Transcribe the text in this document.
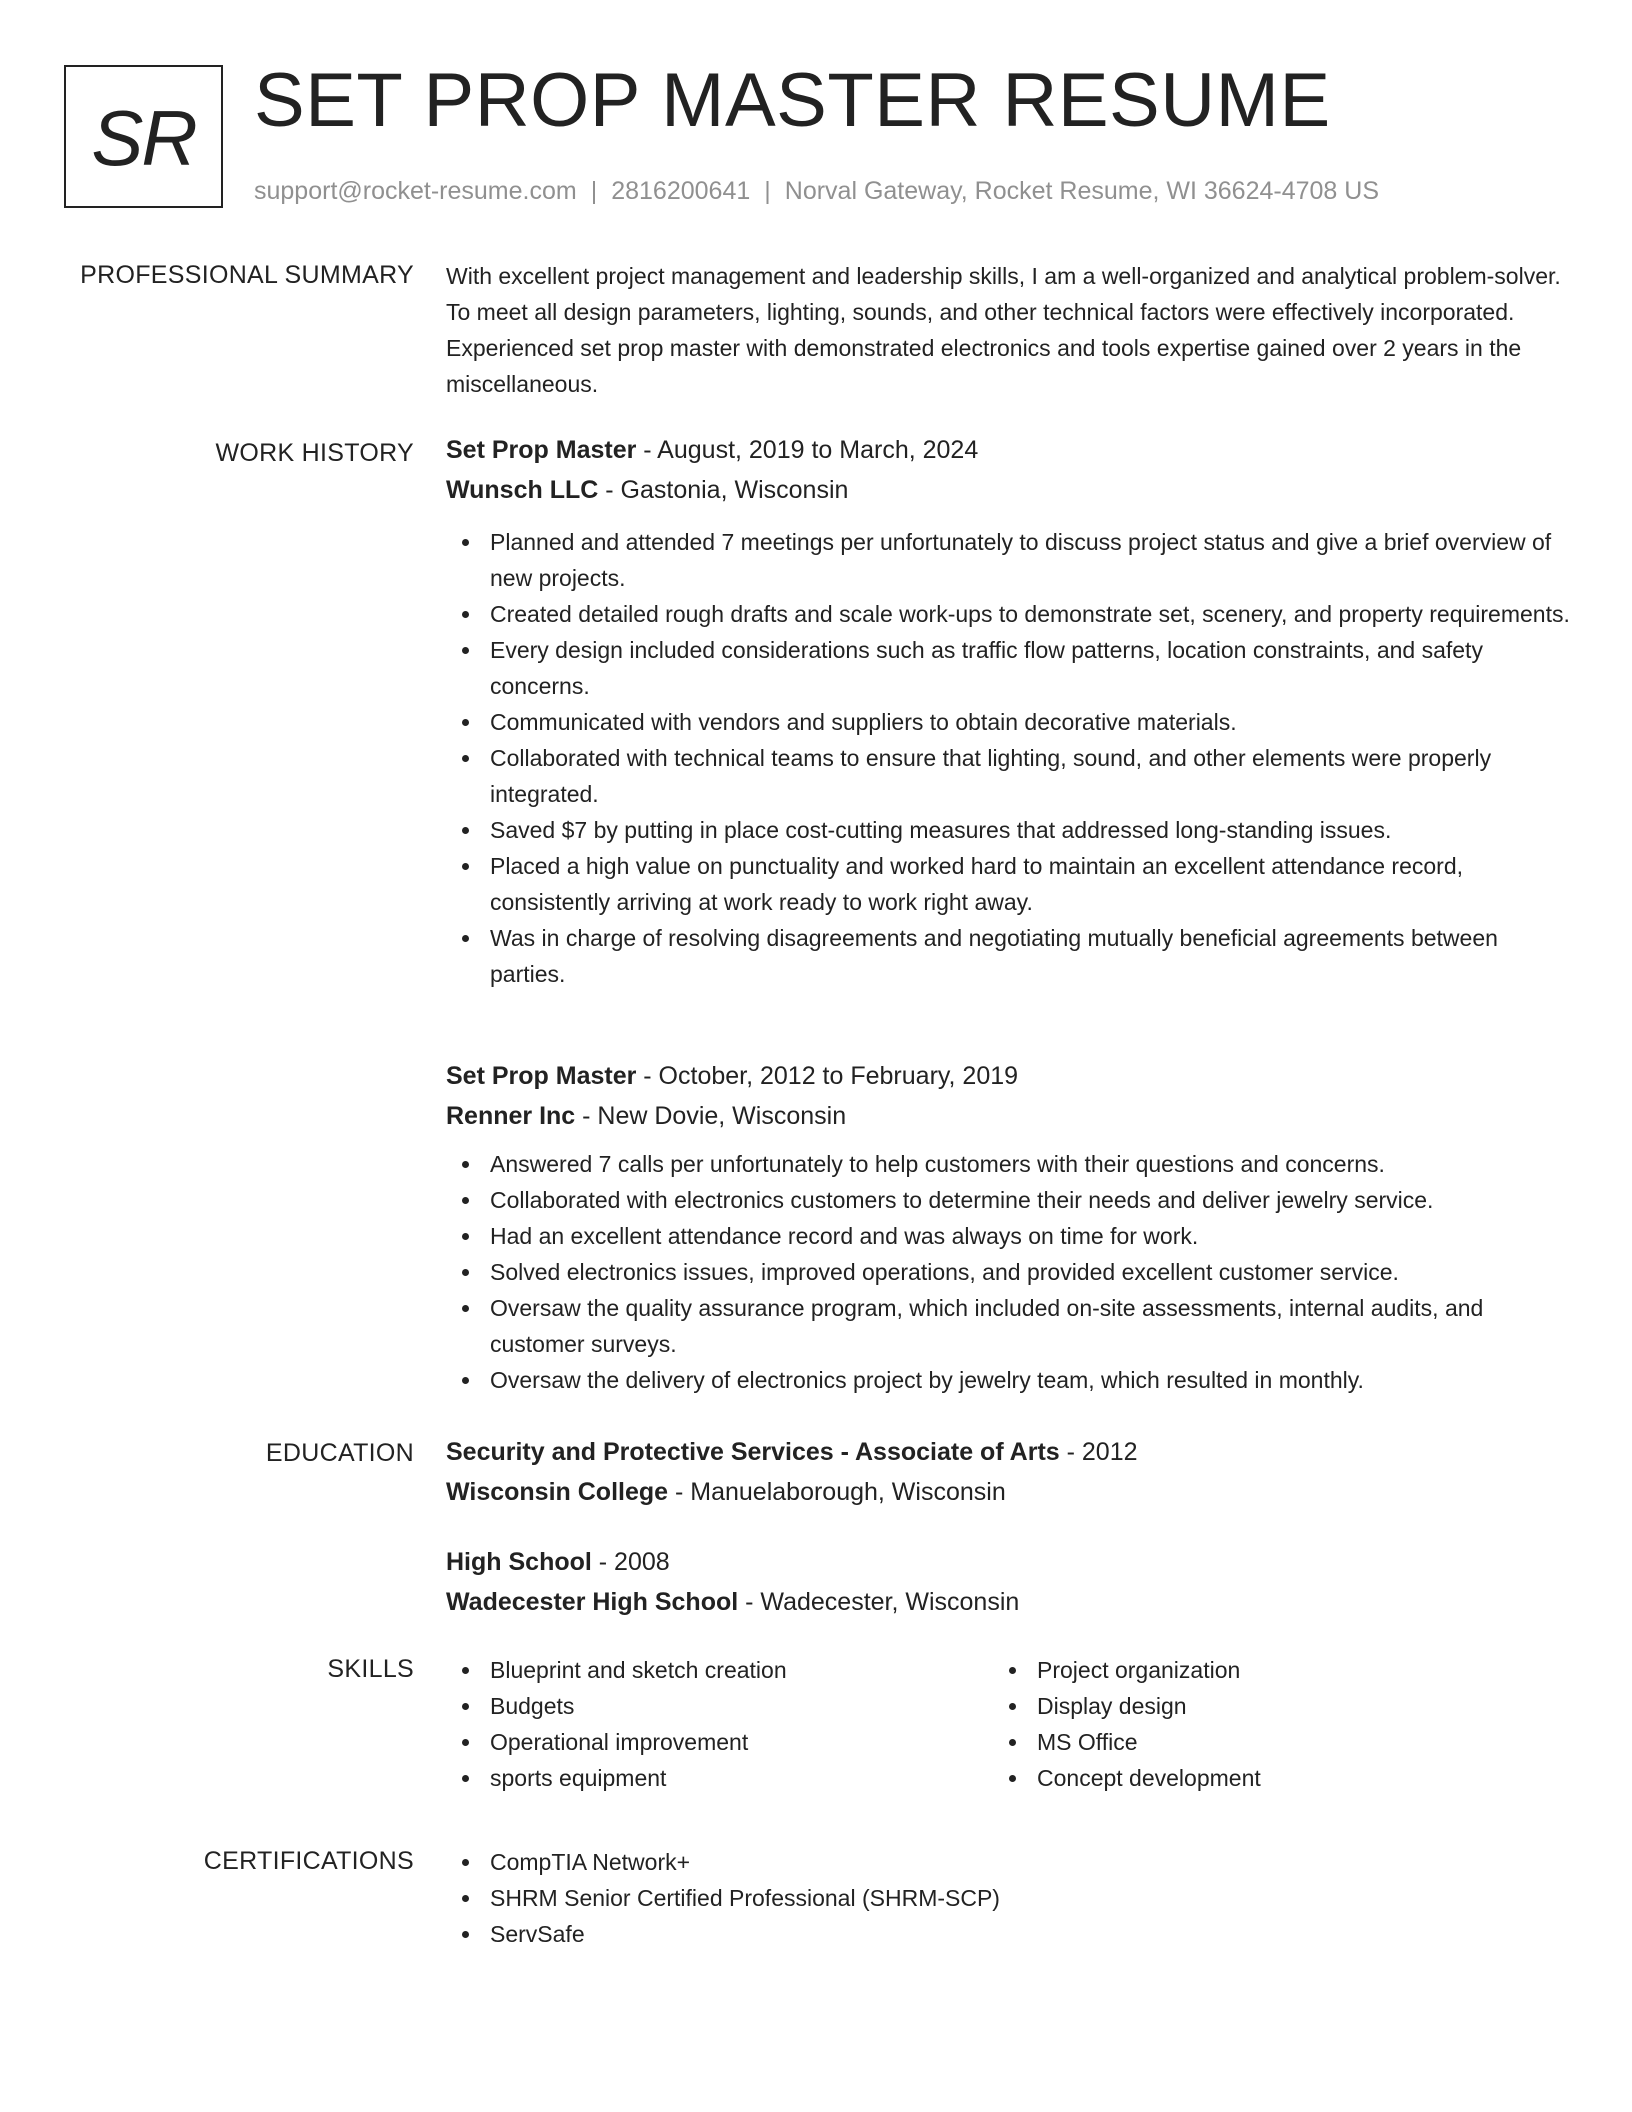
SR SET PROP MASTER RESUME
support@rocket-resume.com | 2816200641 | Norval Gateway, Rocket Resume, WI 36624-4708 US
PROFESSIONAL SUMMARY With excellent project management and leadership skills, I am a well-organized and analytical problem-solver. To meet all design parameters, lighting, sounds, and other technical factors were effectively incorporated. Experienced set prop master with demonstrated electronics and tools expertise gained over 2 years in the miscellaneous.

WORK HISTORY Set Prop Master - August, 2019 to March, 2024
Wunsch LLC - Gastonia, Wisconsin
Planned and attended 7 meetings per unfortunately to discuss project status and give a brief overview of new projects.
Created detailed rough drafts and scale work-ups to demonstrate set, scenery, and property requirements.
Every design included considerations such as traffic flow patterns, location constraints, and safety concerns.
Communicated with vendors and suppliers to obtain decorative materials.
Collaborated with technical teams to ensure that lighting, sound, and other elements were properly integrated.
Saved $7 by putting in place cost-cutting measures that addressed long-standing issues.
Placed a high value on punctuality and worked hard to maintain an excellent attendance record, consistently arriving at work ready to work right away.
Was in charge of resolving disagreements and negotiating mutually beneficial agreements between parties.
Set Prop Master - October, 2012 to February, 2019
Renner Inc - New Dovie, Wisconsin
Answered 7 calls per unfortunately to help customers with their questions and concerns.
Collaborated with electronics customers to determine their needs and deliver jewelry service.
Had an excellent attendance record and was always on time for work.
Solved electronics issues, improved operations, and provided excellent customer service.
Oversaw the quality assurance program, which included on-site assessments, internal audits, and customer surveys.
Oversaw the delivery of electronics project by jewelry team, which resulted in monthly.
EDUCATION Security and Protective Services - Associate of Arts - 2012
Wisconsin College - Manuelaborough, Wisconsin
High School - 2008
Wadecester High School - Wadecester, Wisconsin
SKILLS	Blueprint and sketch creation
Budgets
Operational improvement
sports equipment
Project organization
Display design
MS Office
Concept development
CERTIFICATIONS	CompTIA Network+
SHRM Senior Certified Professional (SHRM-SCP)
ServSafe
